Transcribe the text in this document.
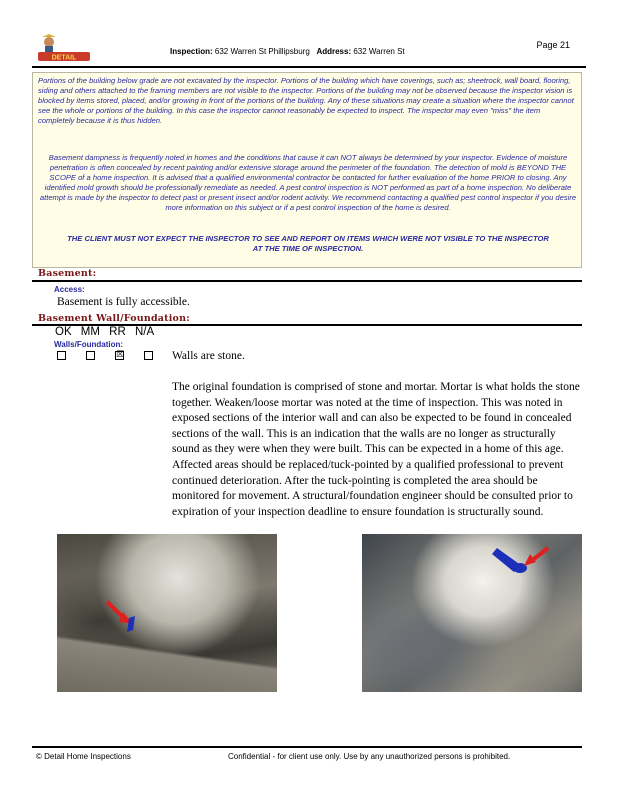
DETAIL
Page 21
Inspection: 632 Warren St Phillipsburg Address: 632 Warren St
Portions of the building below grade are not excavated by the inspector. Portions of the building which have coverings, such as; sheetrock, wall board, flooring, siding and others attached to the framing members are not visible to the inspector. Portions of the building may not be observed because the inspector vision is blocked by items stored, placed, and/or growing in front of the portions of the building. Any of these situations may create a situation where the inspector cannot see the whole or portions of the building. In this case the inspector cannot reasonably be expected to inspect. The inspector may even "miss" the item completely because it is thus hidden.
Basement dampness is frequently noted in homes and the conditions that cause it can NOT always be determined by your inspector. Evidence of moisture penetration is often concealed by recent painting and/or extensive storage around the perimeter of the foundation. The detection of mold is BEYOND THE SCOPE of a home inspection. It is advised that a qualified environmental contractor be contacted for further evaluation of the home PRIOR to closing. Any identified mold growth should be professionally remediate as needed. A pest control inspection is NOT performed as part of a home inspection. No deliberate attempt is made by the inspector to detect past or present insect and/or rodent activity. We recommend contacting a qualified pest control inspector if you desire more information on this subject or if a pest control inspection of the home is desired.
THE CLIENT MUST NOT EXPECT THE INSPECTOR TO SEE AND REPORT ON ITEMS WHICH WERE NOT VISIBLE TO THE INSPECTOR AT THE TIME OF INSPECTION.
Basement:
Access:
Basement is fully accessible.
Basement Wall/Foundation:
OK MM RR N/A
Walls/Foundation:
☒	Walls are stone.
The original foundation is comprised of stone and mortar. Mortar is what holds the stone together. Weaken/loose mortar was noted at the time of inspection. This was noted in exposed sections of the interior wall and can also be expected to be found in concealed sections of the wall. This is an indication that the walls are no longer as structurally sound as they were when they were built. This can be expected in a home of this age. Affected areas should be replaced/tuck-pointed by a qualified professional to prevent continued deterioration. After the tuck-pointing is completed the area should be monitored for movement. A structural/foundation engineer should be consulted prior to expiration of your inspection deadline to ensure foundation is structurally sound.
© Detail Home Inspections	Confidential - for client use only. Use by any unauthorized persons is prohibited.
